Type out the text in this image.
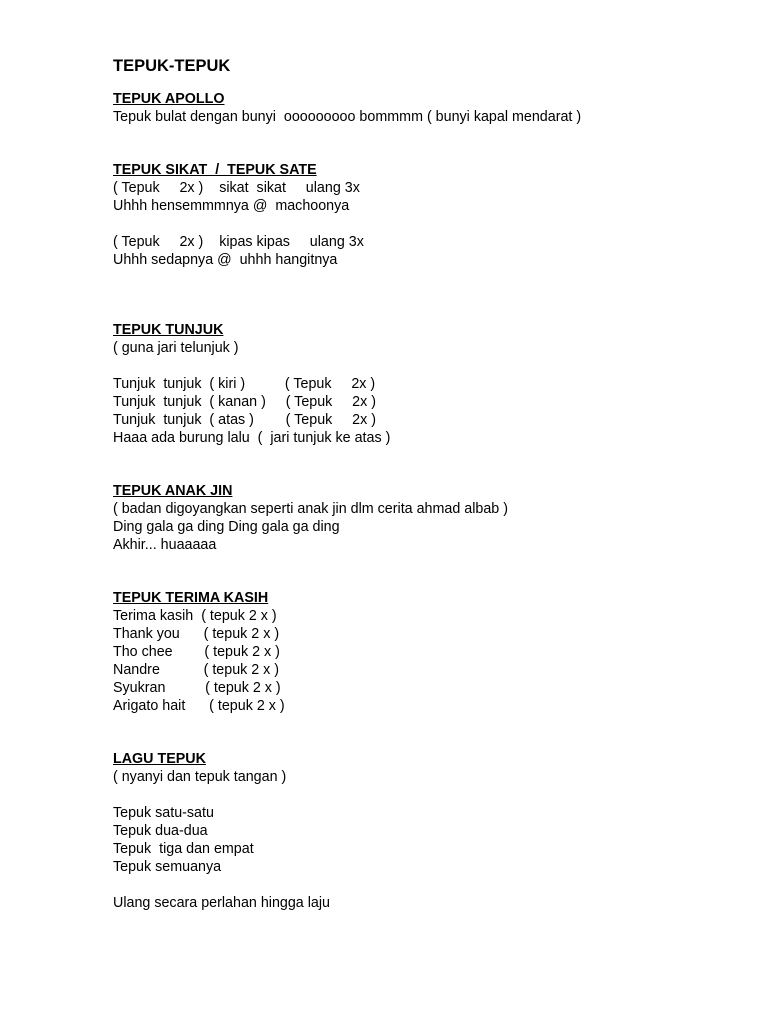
TEPUK-TEPUK
TEPUK APOLLO
Tepuk bulat dengan bunyi  ooooooooo bommmm ( bunyi kapal mendarat )
TEPUK SIKAT  /  TEPUK SATE
( Tepuk     2x )    sikat  sikat     ulang 3x
Uhhh hensemmmnya @  machoonya
( Tepuk     2x )    kipas kipas     ulang 3x
Uhhh sedapnya @  uhhh hangitnya
TEPUK TUNJUK
( guna jari telunjuk )
Tunjuk  tunjuk  ( kiri )          ( Tepuk     2x )
Tunjuk  tunjuk  ( kanan )     ( Tepuk     2x )
Tunjuk  tunjuk  ( atas )        ( Tepuk     2x )
Haaa ada burung lalu  (  jari tunjuk ke atas )
TEPUK ANAK JIN
( badan digoyangkan seperti anak jin dlm cerita ahmad albab )
Ding gala ga ding Ding gala ga ding
Akhir... huaaaaa
TEPUK TERIMA KASIH
Terima kasih  ( tepuk 2 x )
Thank you      ( tepuk 2 x )
Tho chee        ( tepuk 2 x )
Nandre           ( tepuk 2 x )
Syukran          ( tepuk 2 x )
Arigato hait      ( tepuk 2 x )
LAGU TEPUK
( nyanyi dan tepuk tangan )
Tepuk satu-satu
Tepuk dua-dua
Tepuk  tiga dan empat
Tepuk semuanya
Ulang secara perlahan hingga laju
